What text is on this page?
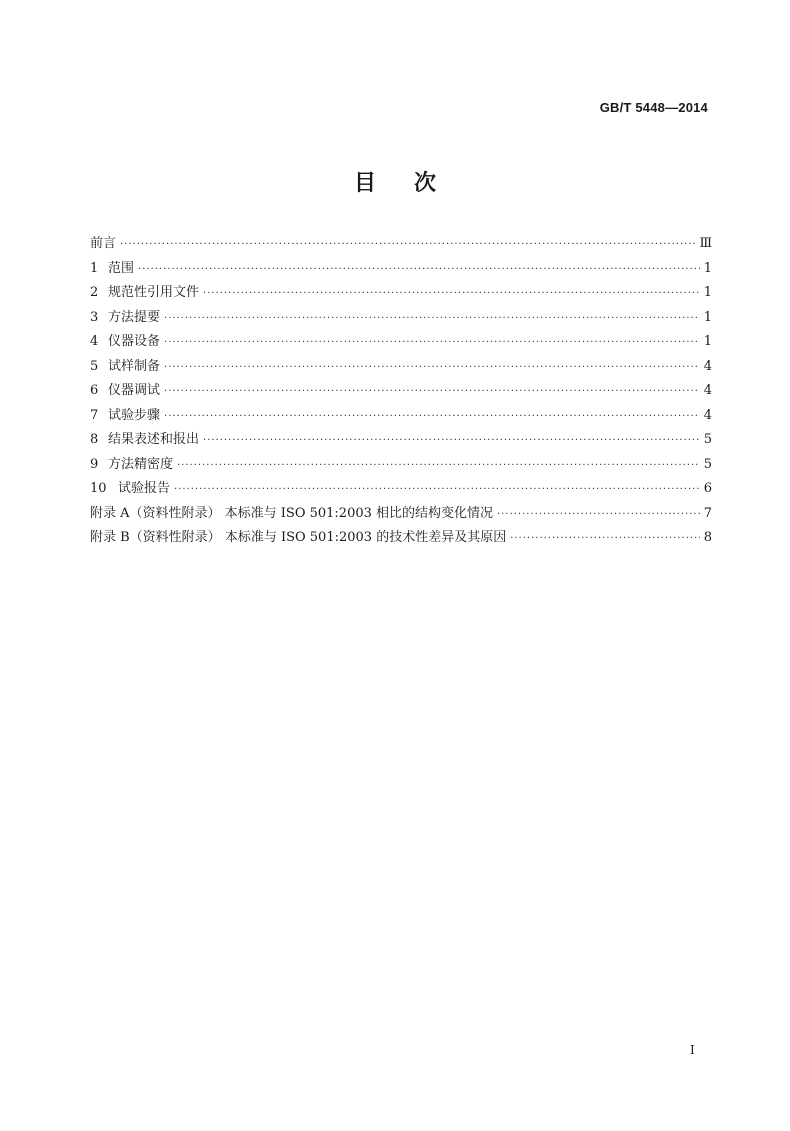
GB/T 5448—2014
目次
前言 ·····	Ⅲ
1 范围 ·····	1
2 规范性引用文件 ·····	1
3 方法提要 ·····	1
4 仪器设备 ·····	1
5 试样制备 ·····	4
6 仪器调试 ·····	4
7 试验步骤 ·····	4
8 结果表述和报出 ·····	5
9 方法精密度 ·····	5
10 试验报告 ·····	6
附录 A（资料性附录） 本标准与 ISO 501:2003 相比的结构变化情况 ·····	7
附录 B（资料性附录） 本标准与 ISO 501:2003 的技术性差异及其原因 ·····	8
I
